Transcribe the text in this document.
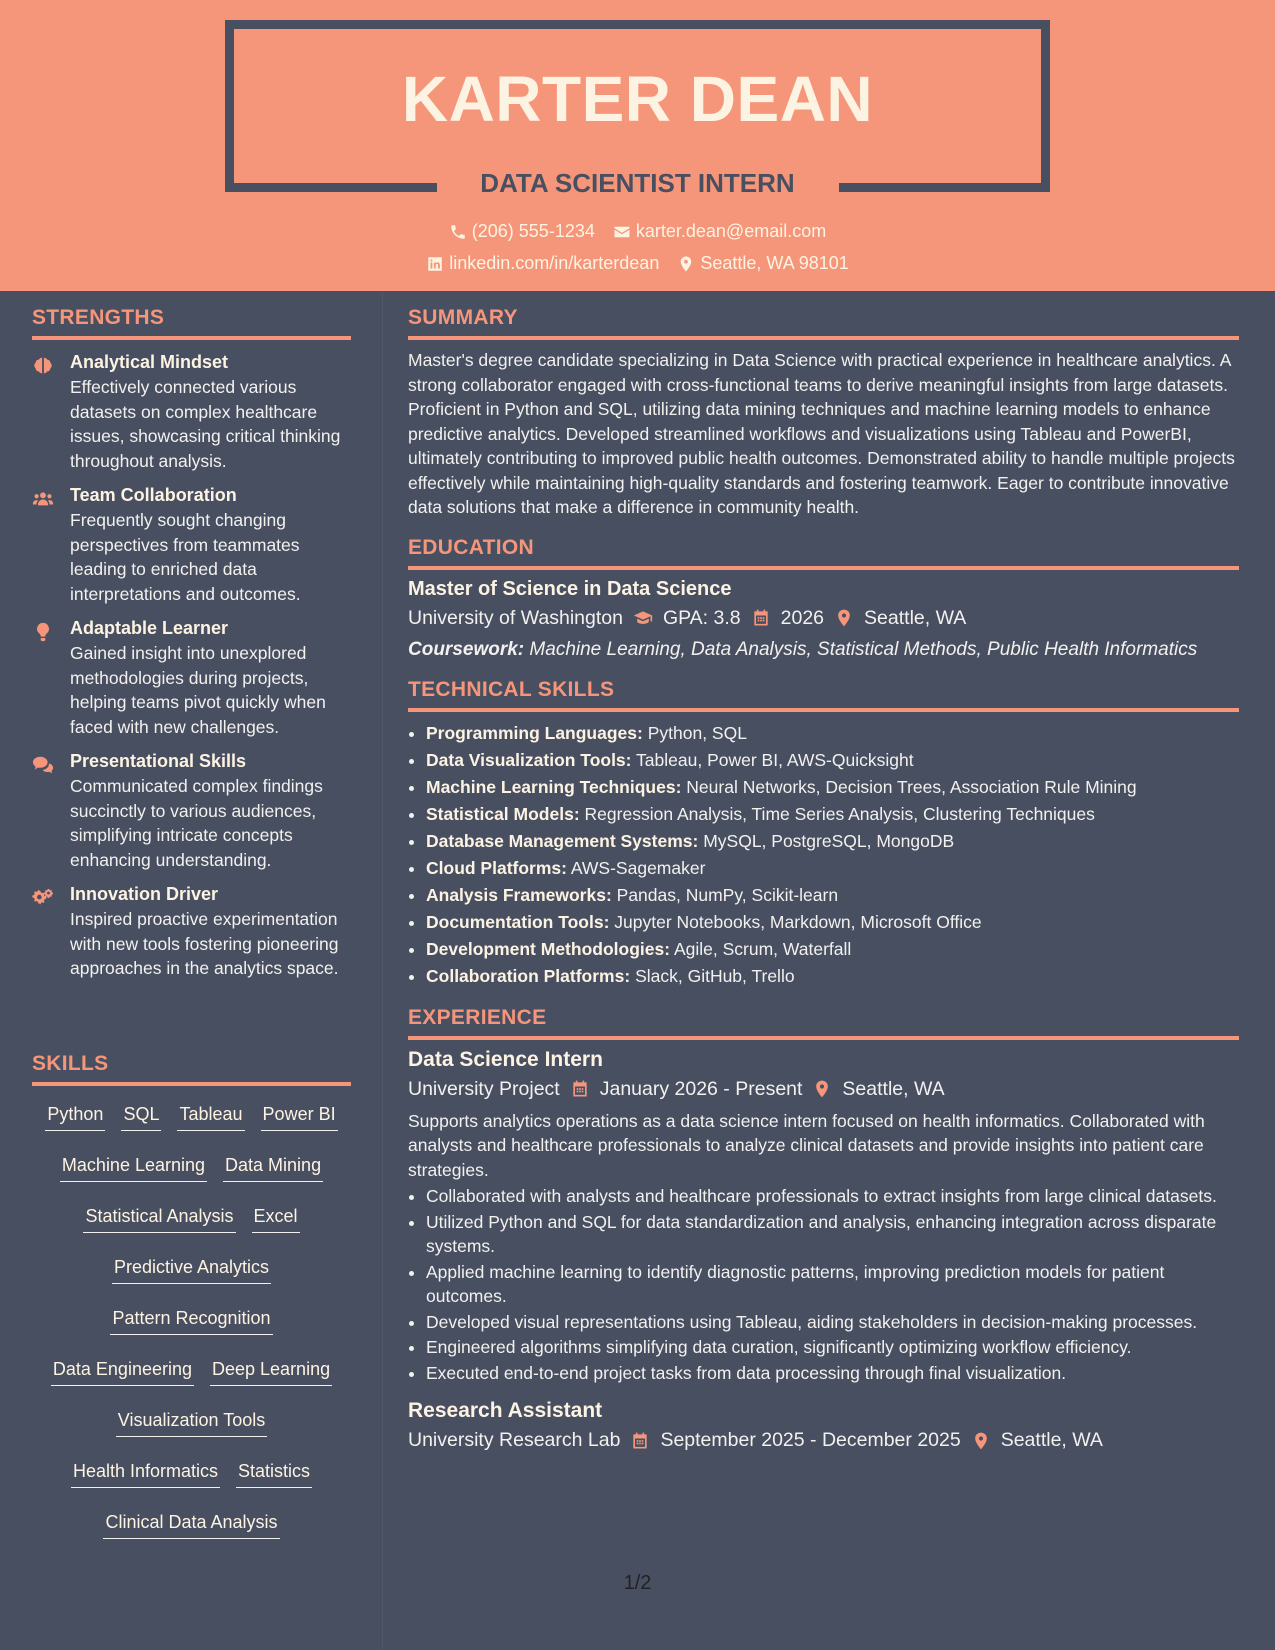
KARTER DEAN
DATA SCIENTIST INTERN
(206) 555-1234 karter.dean@email.com
linkedin.com/in/karterdean Seattle, WA 98101
STRENGTHS
Analytical Mindset
Effectively connected various datasets on complex healthcare issues, showcasing critical thinking throughout analysis.
Team Collaboration
Frequently sought changing perspectives from teammates leading to enriched data interpretations and outcomes.
Adaptable Learner
Gained insight into unexplored methodologies during projects, helping teams pivot quickly when faced with new challenges.
Presentational Skills
Communicated complex findings succinctly to various audiences, simplifying intricate concepts enhancing understanding.
Innovation Driver
Inspired proactive experimentation with new tools fostering pioneering approaches in the analytics space.
SKILLS
Python SQL Tableau Power BI
Machine Learning Data Mining
Statistical Analysis Excel
Predictive Analytics
Pattern Recognition
Data Engineering Deep Learning
Visualization Tools
Health Informatics Statistics
Clinical Data Analysis
SUMMARY
Master's degree candidate specializing in Data Science with practical experience in healthcare analytics. A strong collaborator engaged with cross-functional teams to derive meaningful insights from large datasets. Proficient in Python and SQL, utilizing data mining techniques and machine learning models to enhance predictive analytics. Developed streamlined workflows and visualizations using Tableau and PowerBI, ultimately contributing to improved public health outcomes. Demonstrated ability to handle multiple projects effectively while maintaining high-quality standards and fostering teamwork. Eager to contribute innovative data solutions that make a difference in community health.
EDUCATION
Master of Science in Data Science
University of Washington GPA: 3.8 2026 Seattle, WA
Coursework: Machine Learning, Data Analysis, Statistical Methods, Public Health Informatics
TECHNICAL SKILLS
• Programming Languages: Python, SQL
• Data Visualization Tools: Tableau, Power BI, AWS-Quicksight
• Machine Learning Techniques: Neural Networks, Decision Trees, Association Rule Mining
• Statistical Models: Regression Analysis, Time Series Analysis, Clustering Techniques
• Database Management Systems: MySQL, PostgreSQL, MongoDB
• Cloud Platforms: AWS-Sagemaker
• Analysis Frameworks: Pandas, NumPy, Scikit-learn
• Documentation Tools: Jupyter Notebooks, Markdown, Microsoft Office
• Development Methodologies: Agile, Scrum, Waterfall
• Collaboration Platforms: Slack, GitHub, Trello
EXPERIENCE
Data Science Intern
University Project January 2026 - Present Seattle, WA
Supports analytics operations as a data science intern focused on health informatics. Collaborated with analysts and healthcare professionals to analyze clinical datasets and provide insights into patient care strategies.
• Collaborated with analysts and healthcare professionals to extract insights from large clinical datasets.
• Utilized Python and SQL for data standardization and analysis, enhancing integration across disparate systems.
• Applied machine learning to identify diagnostic patterns, improving prediction models for patient outcomes.
• Developed visual representations using Tableau, aiding stakeholders in decision-making processes.
• Engineered algorithms simplifying data curation, significantly optimizing workflow efficiency.
• Executed end-to-end project tasks from data processing through final visualization.
Research Assistant
University Research Lab September 2025 - December 2025 Seattle, WA
1/2
